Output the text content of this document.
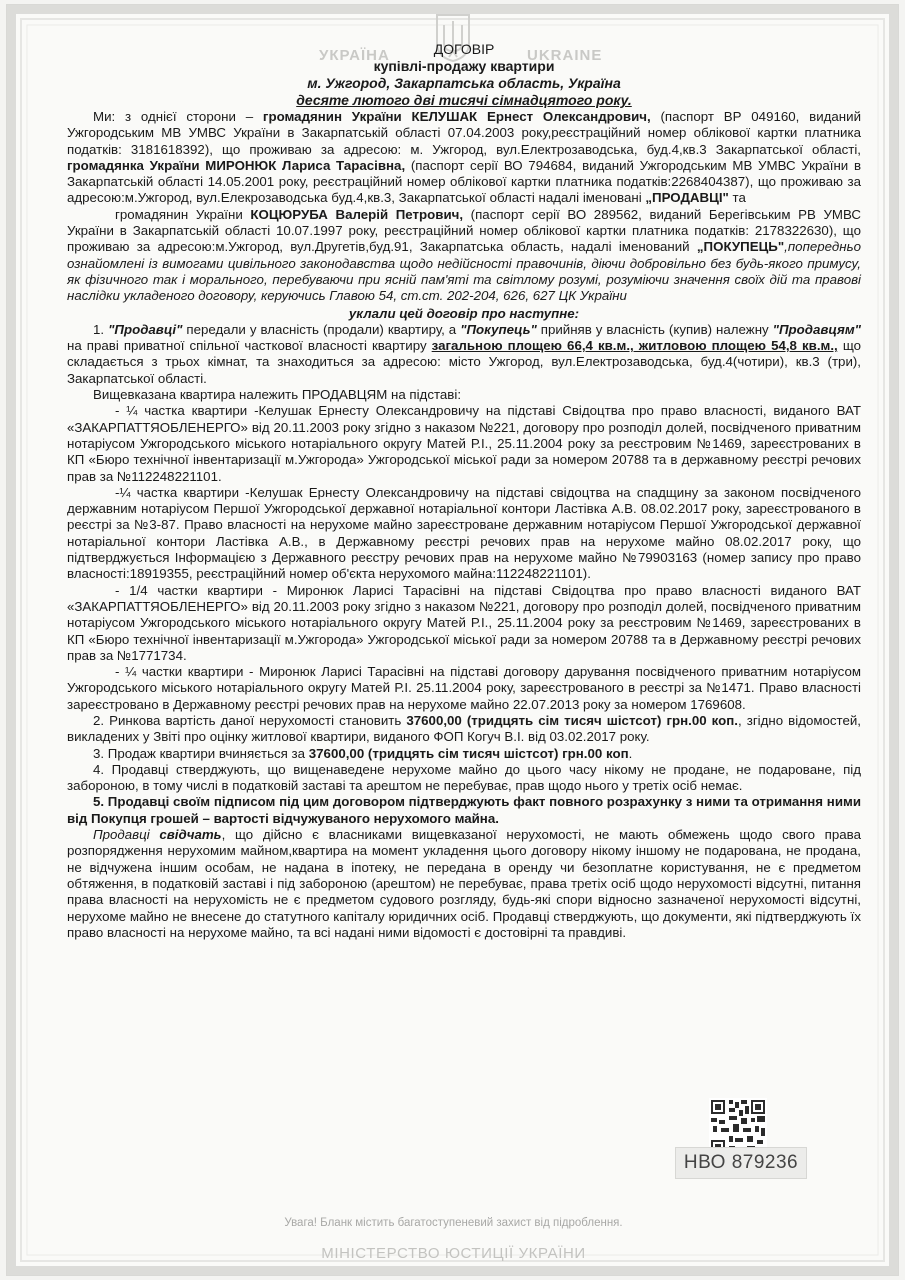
УКРАЇНА	UKRAINE
ДОГОВІР
купівлі-продажу квартири
м. Ужгород, Закарпатська область, Україна
десяте лютого дві тисячі сімнадцятого року.

Ми: з однієї сторони – громадянин України КЕЛУШАК Ернест Олександрович, (паспорт ВР 049160, виданий Ужгородським МВ УМВС України в Закарпатській області 07.04.2003 року,реєстраційний номер облікової картки платника податків: 3181618392), що проживаю за адресою: м. Ужгород, вул.Електрозаводська, буд.4,кв.3 Закарпатської області, громадянка України МИРОНЮК Лариса Тарасівна, (паспорт серії ВО 794684, виданий Ужгородським МВ УМВС України в Закарпатській області 14.05.2001 року, реєстраційний номер облікової картки платника податків:2268404387), що проживаю за адресою:м.Ужгород, вул.Елекрозаводська буд.4,кв.3, Закарпатської області надалі іменовані „ПРОДАВЦІ" та

громадянин України КОЦЮРУБА Валерій Петрович, (паспорт серії ВО 289562, виданий Берегівським РВ УМВС України в Закарпатській області 10.07.1997 року, реєстраційний номер облікової картки платника податків: 2178322630), що проживаю за адресою:м.Ужгород, вул.Другетів,буд.91, Закарпатська область, надалі іменований „ПОКУПЕЦЬ",попередньо ознайомлені із вимогами цивільного законодавства щодо недійсності правочинів, діючи добровільно без будь-якого примусу, як фізичного так і морального, перебуваючи при ясній пам'яті та світлому розумі, розуміючи значення своїх дій та правові наслідки укладеного договору, керуючись Главою 54, ст.ст. 202-204, 626, 627 ЦК України

уклали цей договір про наступне:

1. "Продавці" передали у власність (продали) квартиру, а "Покупець" прийняв у власність (купив) належну "Продавцям" на праві приватної спільної часткової власності квартиру загальною площею 66,4 кв.м., житловою площею 54,8 кв.м., що складається з трьох кімнат, та знаходиться за адресою: місто Ужгород, вул.Електрозаводська, буд.4(чотири), кв.3 (три), Закарпатської області.

Вищевказана квартира належить ПРОДАВЦЯМ на підставі:

- ¼ частка квартири -Келушак Ернесту Олександровичу на підставі Свідоцтва про право власності, виданого ВАТ «ЗАКАРПАТТЯОБЛЕНЕРГО» від 20.11.2003 року згідно з наказом №221, договору про розподіл долей, посвідченого приватним нотаріусом Ужгородського міського нотаріального округу Матей Р.І., 25.11.2004 року за реєстровим №1469, зареєстрованих в КП «Бюро технічної інвентаризації м.Ужгорода» Ужгородської міської ради за номером 20788 та в державному реєстрі речових прав за №112248221101.

-¼ частка квартири -Келушак Ернесту Олександровичу на підставі свідоцтва на спадщину за законом посвідченого державним нотаріусом Першої Ужгородської державної нотаріальної контори Ластівка А.В. 08.02.2017 року, зареєстрованого в реєстрі за №3-87. Право власності на нерухоме майно зареєстроване державним нотаріусом Першої Ужгородської державної нотаріальної контори Ластівка А.В., в Державному реєстрі речових прав на нерухоме майно 08.02.2017 року, що підтверджується Інформацією з Державного реєстру речових прав на нерухоме майно №79903163 (номер запису про право власності:18919355, реєстраційний номер об'єкта нерухомого майна:112248221101).

- 1/4 частки квартири - Миронюк Ларисі Тарасівні на підставі Свідоцтва про право власності виданого ВАТ «ЗАКАРПАТТЯОБЛЕНЕРГО» від 20.11.2003 року згідно з наказом №221, договору про розподіл долей, посвідченого приватним нотаріусом Ужгородського міського нотаріального округу Матей Р.І., 25.11.2004 року за реєстровим №1469, зареєстрованих в КП «Бюро технічної інвентаризації м.Ужгорода» Ужгородської міської ради за номером 20788 та в Державному реєстрі речових прав за №1771734.

- ¼ частки квартири - Миронюк Ларисі Тарасівні на підставі договору дарування посвідченого приватним нотаріусом Ужгородського міського нотаріального округу Матей Р.І. 25.11.2004 року, зареєстрованого в реєстрі за №1471. Право власності зареєстровано в Державному реєстрі речових прав на нерухоме майно 22.07.2013 року за номером 1769608.

2. Ринкова вартість даної нерухомості становить 37600,00 (тридцять сім тисяч шістсот) грн.00 коп., згідно відомостей, викладених у Звіті про оцінку житлової квартири, виданого ФОП Когуч В.І. від 03.02.2017 року.

3. Продаж квартири вчиняється за 37600,00 (тридцять сім тисяч шістсот) грн.00 коп.

4. Продавці стверджують, що вищенаведене нерухоме майно до цього часу нікому не продане, не подароване, під забороною, в тому числі в податковій заставі та арештом не перебуває, прав щодо нього у третіх осіб немає.

5. Продавці своїм підписом під цим договором підтверджують факт повного розрахунку з ними та отримання ними від Покупця грошей – вартості відчужуваного нерухомого майна.

Продавці свідчать, що дійсно є власниками вищевказаної нерухомості, не мають обмежень щодо свого права розпорядження нерухомим майном,квартира на момент укладення цього договору нікому іншому не подарована, не продана, не відчужена іншим особам, не надана в іпотеку, не передана в оренду чи безоплатне користування, не є предметом обтяження, в податковій заставі і під забороною (арештом) не перебуває, права третіх осіб щодо нерухомості відсутні, питання права власності на нерухомість не є предметом судового розгляду, будь-які спори відносно зазначеної нерухомості відсутні, нерухоме майно не внесене до статутного капіталу юридичних осіб. Продавці стверджують, що документи, які підтверджують їх право власності на нерухоме майно, та всі надані ними відомості є достовірні та правдиві.

НВО 879236
Увага! Бланк містить багатоступеневий захист від підроблення.
МІНІСТЕРСТВО ЮСТИЦІЇ УКРАЇНИ
